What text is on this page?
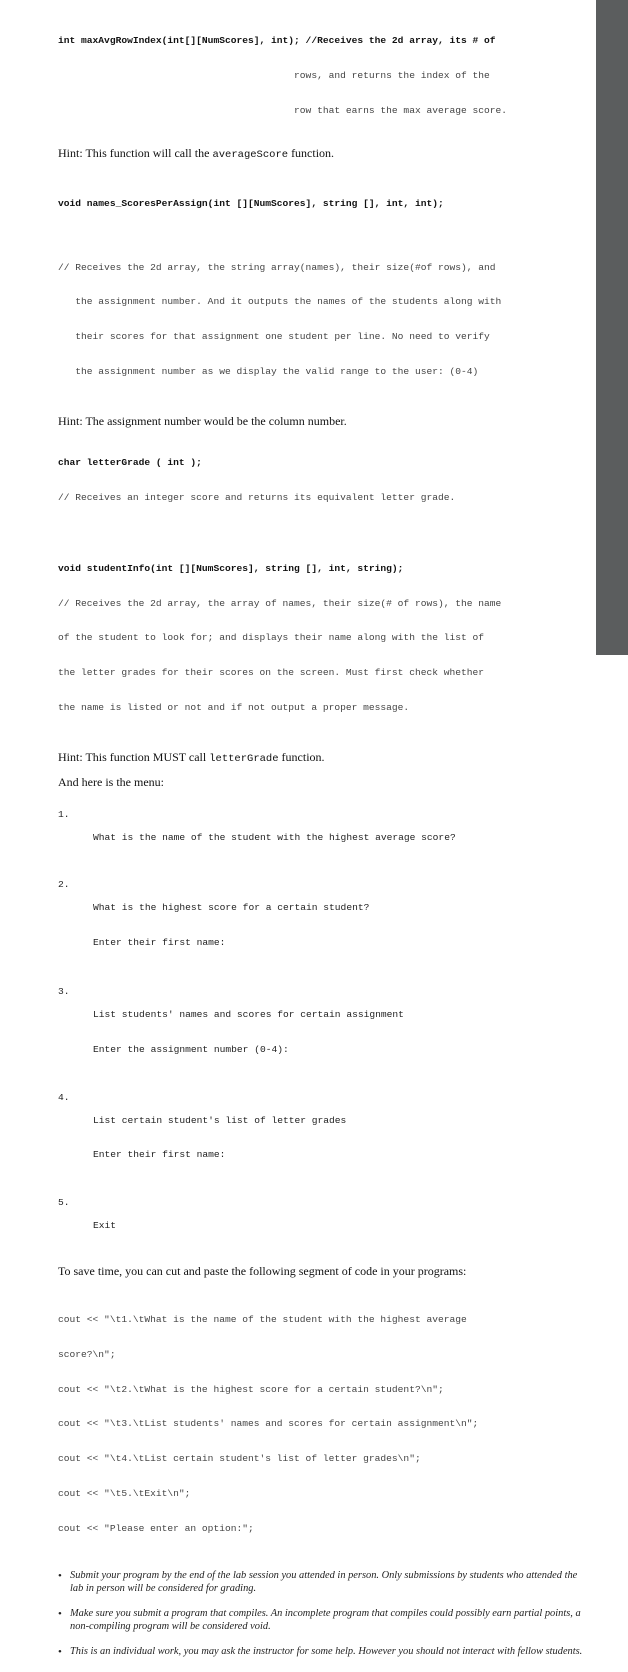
int maxAvgRowIndex(int[][NumScores], int); //Receives the 2d array, its # of

rows, and returns the index of the

row that earns the max average score.

Hint: This function will call the averageScore function.

void names_ScoresPerAssign(int [][NumScores], string [], int, int);

// Receives the 2d array, the string array(names), their size(#of rows), and

the assignment number. And it outputs the names of the students along with

their scores for that assignment one student per line. No need to verify

the assignment number as we display the valid range to the user: (0-4)

Hint: The assignment number would be the column number.

char letterGrade ( int );

// Receives an integer score and returns its equivalent letter grade.

void studentInfo(int [][NumScores], string [], int, string);

// Receives the 2d array, the array of names, their size(# of rows), the name

of the student to look for; and displays their name along with the list of

the letter grades for their scores on the screen. Must first check whether

the name is listed or not and if not output a proper message.

Hint: This function MUST call letterGrade function.
And here is the menu:

1.

What is the name of the student with the highest average score?

2.

What is the highest score for a certain student?

Enter their first name:

3.

List students' names and scores for certain assignment

Enter the assignment number (0-4):

4.

List certain student's list of letter grades

Enter their first name:

5.

Exit

To save time, you can cut and paste the following segment of code in your programs:

cout << "\t1.\tWhat is the name of the student with the highest average

score?\n";

cout << "\t2.\tWhat is the highest score for a certain student?\n";

cout << "\t3.\tList students' names and scores for certain assignment\n";

cout << "\t4.\tList certain student's list of letter grades\n";

cout << "\t5.\tExit\n";

cout << "Please enter an option:";

• Submit your program by the end of the lab session you attended in person. Only submissions by students who attended the lab in person will be considered for grading.
• Make sure you submit a program that compiles. An incomplete program that compiles could possibly earn partial points, a non-compiling program will be considered void.
• This is an individual work, you may ask the instructor for some help. However you should not interact with fellow students.
